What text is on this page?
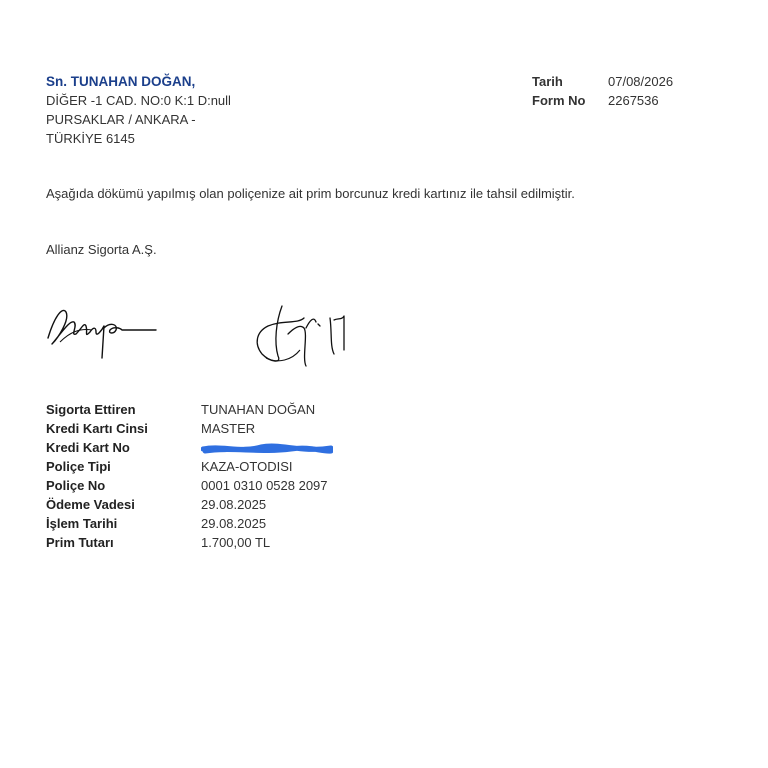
Sn. TUNAHAN DOĞAN,
DİĞER -1 CAD. NO:0 K:1 D:null
PURSAKLAR / ANKARA -
TÜRKİYE 6145
Tarih	07/08/2026
Form No	2267536
Aşağıda dökümü yapılmış olan poliçenize ait prim borcunuz kredi kartınız ile tahsil edilmiştir.
Allianz Sigorta A.Ş.
Sigorta Ettiren	TUNAHAN DOĞAN
Kredi Kartı Cinsi	MASTER
Kredi Kart No
Poliçe Tipi	KAZA-OTODISI
Poliçe No	0001 0310 0528 2097
Ödeme Vadesi	29.08.2025
İşlem Tarihi	29.08.2025
Prim Tutarı	1.700,00 TL
